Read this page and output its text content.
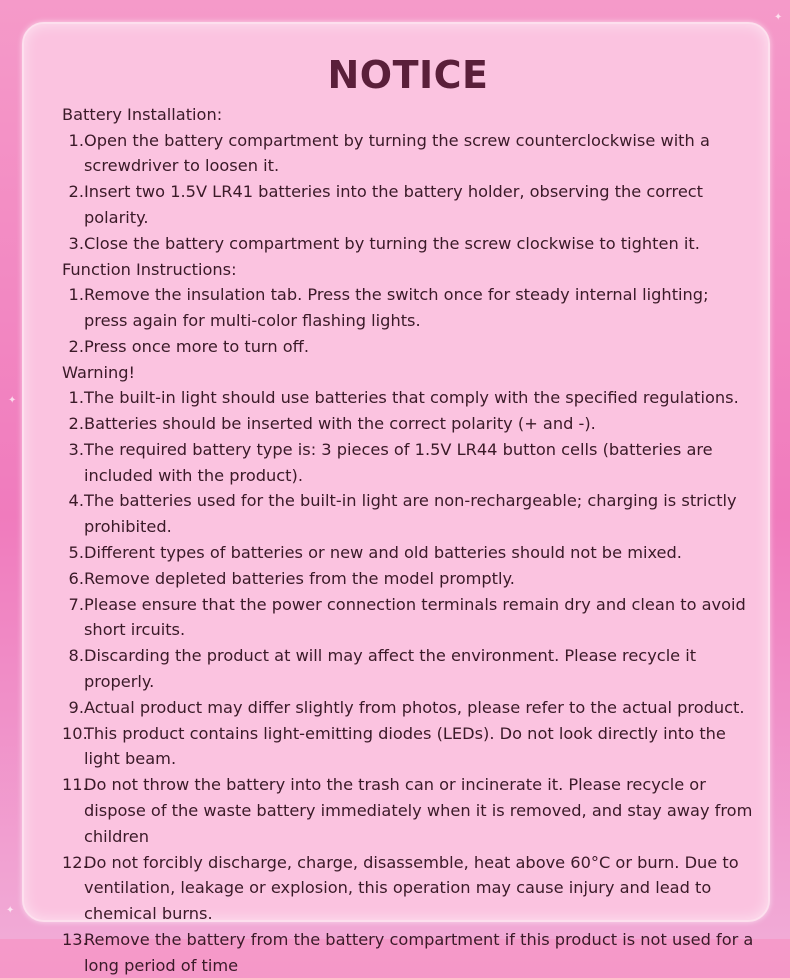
✦
✦
✦
NOTICE
Battery Installation:
1. Open the battery compartment by turning the screw counterclockwise with a screwdriver to loosen it.
2. Insert two 1.5V LR41 batteries into the battery holder, observing the correct polarity.
3. Close the battery compartment by turning the screw clockwise to tighten it.
Function Instructions:
1. Remove the insulation tab. Press the switch once for steady internal lighting; press again for multi-color flashing lights.
2. Press once more to turn off.
Warning!
1. The built-in light should use batteries that comply with the specified regulations.
2. Batteries should be inserted with the correct polarity (+ and -).
3. The required battery type is: 3 pieces of 1.5V LR44 button cells (batteries are included with the product).
4. The batteries used for the built-in light are non-rechargeable; charging is strictly prohibited.
5. Different types of batteries or new and old batteries should not be mixed.
6. Remove depleted batteries from the model promptly.
7. Please ensure that the power connection terminals remain dry and clean to avoid short ircuits.
8. Discarding the product at will may affect the environment. Please recycle it properly.
9. Actual product may differ slightly from photos, please refer to the actual product.
10.
This product contains light-emitting diodes (LEDs). Do not look directly into the light beam.
11.
Do not throw the battery into the trash can or incinerate it. Please recycle or dispose of the waste battery immediately when it is removed, and stay away from children
12.
Do not forcibly discharge, charge, disassemble, heat above 60°C or burn. Due to ventilation, leakage or explosion, this operation may cause injury and lead to chemical burns.
13.
Remove the battery from the battery compartment if this product is not used for a long period of time
